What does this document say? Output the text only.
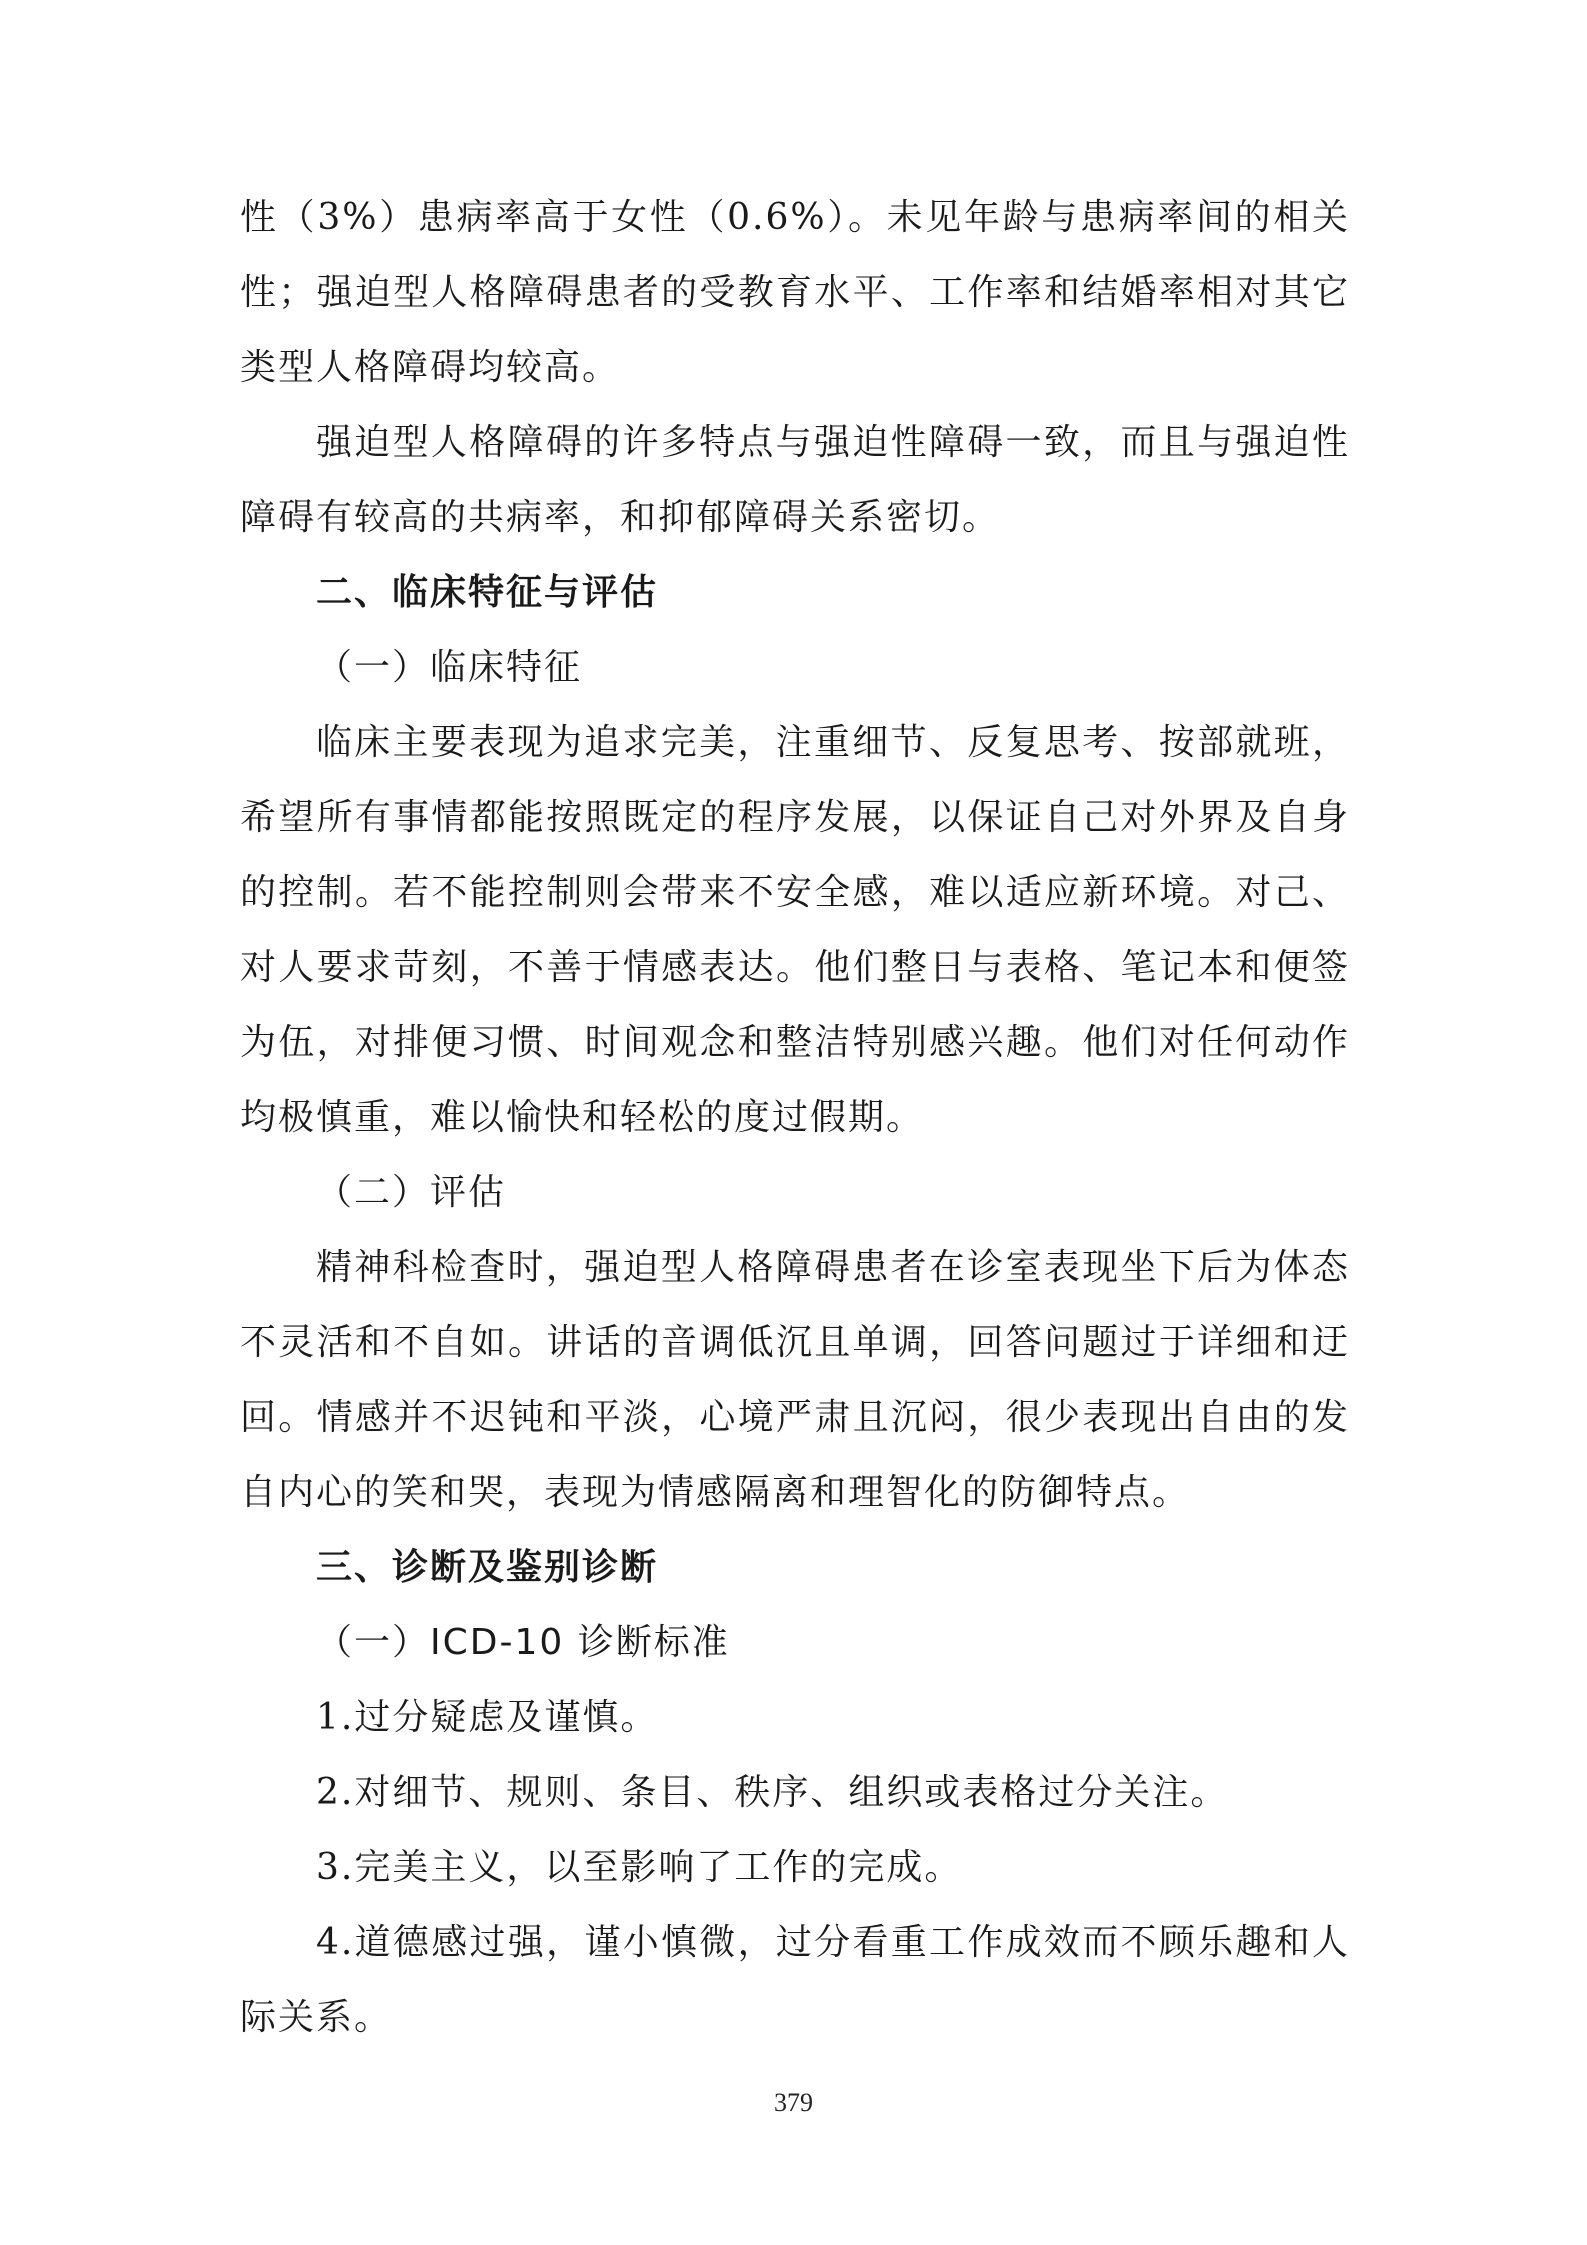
性（3%）患病率高于女性（0.6%）。未见年龄与患病率间的相关性；强迫型人格障碍患者的受教育水平、工作率和结婚率相对其它类型人格障碍均较高。

强迫型人格障碍的许多特点与强迫性障碍一致，而且与强迫性障碍有较高的共病率，和抑郁障碍关系密切。

二、临床特征与评估

（一）临床特征

临床主要表现为追求完美，注重细节、反复思考、按部就班，希望所有事情都能按照既定的程序发展，以保证自己对外界及自身的控制。若不能控制则会带来不安全感，难以适应新环境。对己、对人要求苛刻，不善于情感表达。他们整日与表格、笔记本和便签为伍，对排便习惯、时间观念和整洁特别感兴趣。他们对任何动作均极慎重，难以愉快和轻松的度过假期。

（二）评估

精神科检查时，强迫型人格障碍患者在诊室表现坐下后为体态不灵活和不自如。讲话的音调低沉且单调，回答问题过于详细和迂回。情感并不迟钝和平淡，心境严肃且沉闷，很少表现出自由的发自内心的笑和哭，表现为情感隔离和理智化的防御特点。

三、诊断及鉴别诊断

（一）ICD-10 诊断标准

1.过分疑虑及谨慎。

2.对细节、规则、条目、秩序、组织或表格过分关注。

3.完美主义，以至影响了工作的完成。

4.道德感过强，谨小慎微，过分看重工作成效而不顾乐趣和人际关系。

379
